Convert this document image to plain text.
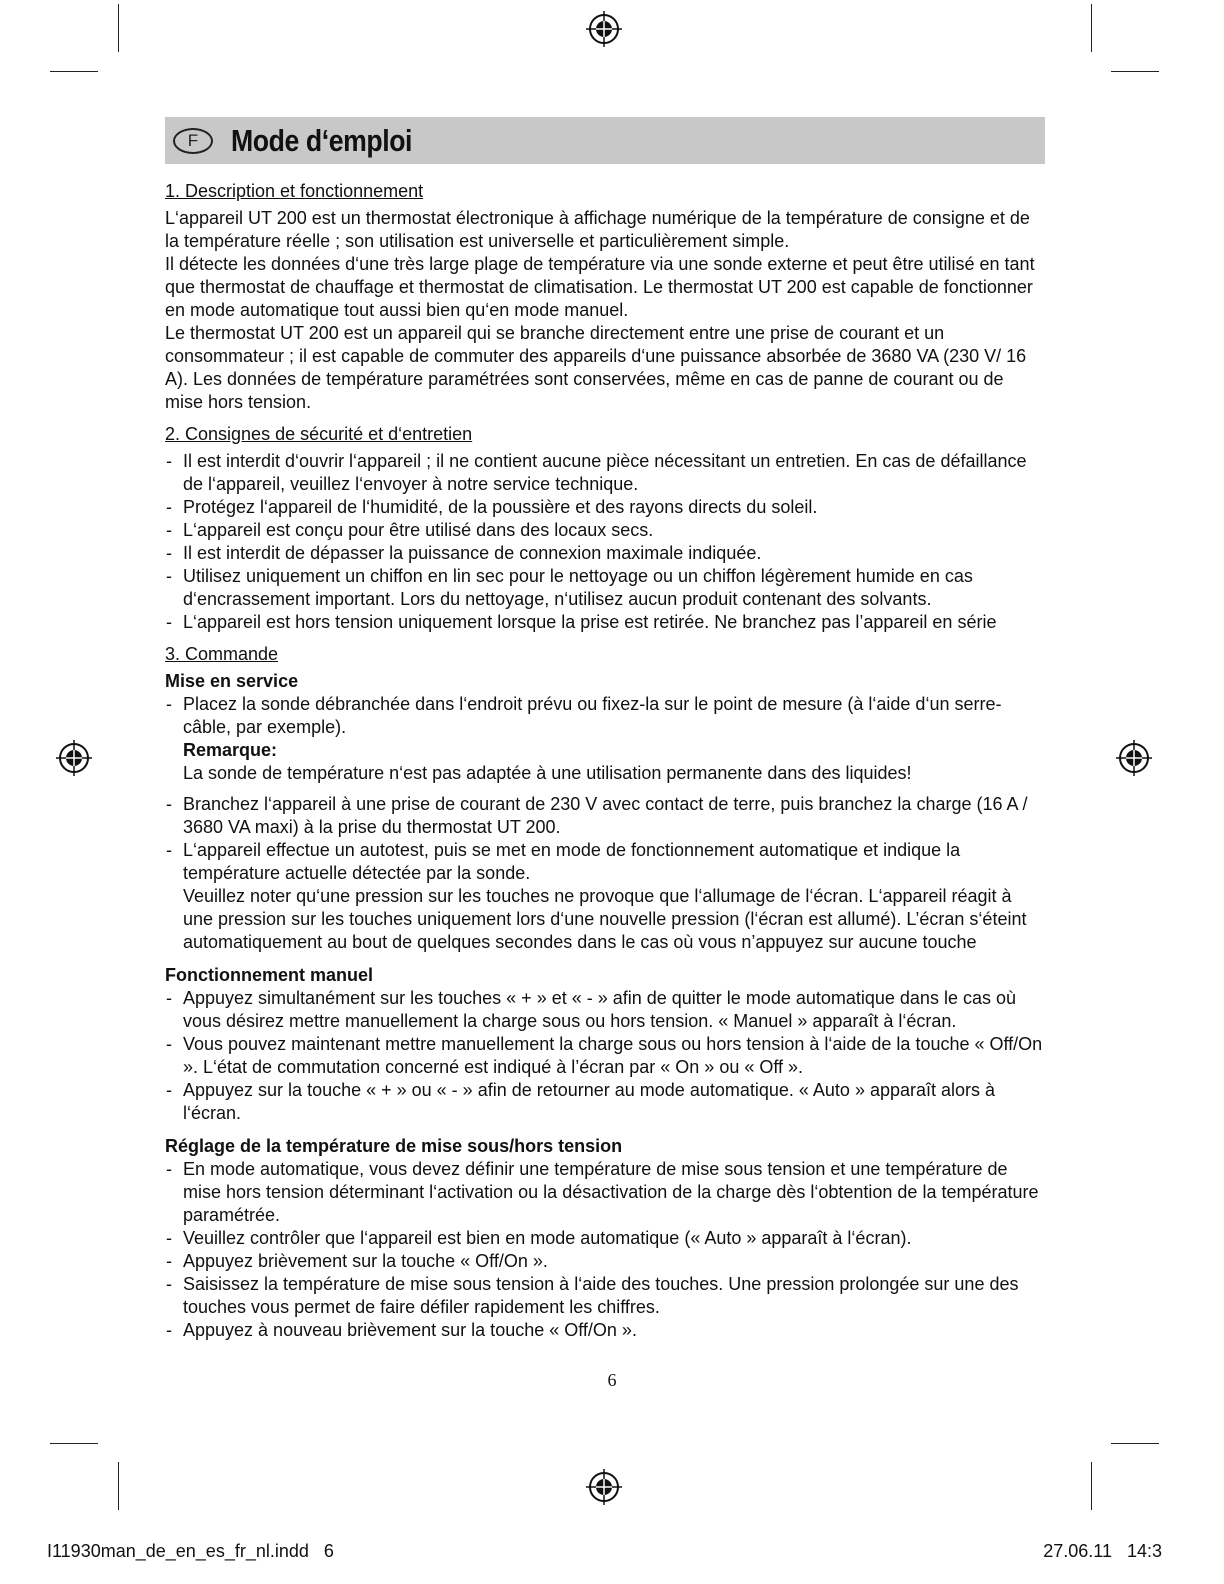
F	Mode d‘emploi
1. Description et fonctionnement

L‘appareil UT 200 est un thermostat électronique à affichage numérique de la température de consigne et de la température réelle ; son utilisation est universelle et particulièrement simple.

Il détecte les données d‘une très large plage de température via une sonde externe et peut être utilisé en tant que thermostat de chauffage et thermostat de climatisation. Le thermostat UT 200 est capable de fonctionner en mode automatique tout aussi bien qu‘en mode manuel.

Le thermostat UT 200 est un appareil qui se branche directement entre une prise de courant et un consommateur ; il est capable de commuter des appareils d‘une puissance absorbée de 3680 VA (230 V/ 16 A). Les données de température paramétrées sont conservées, même en cas de panne de courant ou de mise hors tension.

2. Consignes de sécurité et d‘entretien
- Il est interdit d‘ouvrir l‘appareil ; il ne contient aucune pièce nécessitant un entretien. En cas de défaillance de l‘appareil, veuillez l‘envoyer à notre service technique.
- Protégez l‘appareil de l‘humidité, de la poussière et des rayons directs du soleil.
- L‘appareil est conçu pour être utilisé dans des locaux secs.
- Il est interdit de dépasser la puissance de connexion maximale indiquée.
- Utilisez uniquement un chiffon en lin sec pour le nettoyage ou un chiffon légèrement humide en cas d‘encrassement important. Lors du nettoyage, n‘utilisez aucun produit contenant des solvants.
- L‘appareil est hors tension uniquement lorsque la prise est retirée. Ne branchez pas l’appareil en série
3. Commande
Mise en service
- Placez la sonde débranchée dans l‘endroit prévu ou fixez-la sur le point de mesure (à l‘aide d‘un serre-câble, par exemple).
Remarque:
La sonde de température n‘est pas adaptée à une utilisation permanente dans des liquides!
- Branchez l‘appareil à une prise de courant de 230 V avec contact de terre, puis branchez la charge (16 A / 3680 VA maxi) à la prise du thermostat UT 200.
- L‘appareil effectue un autotest, puis se met en mode de fonctionnement automatique et indique la température actuelle détectée par la sonde.
Veuillez noter qu‘une pression sur les touches ne provoque que l‘allumage de l‘écran. L‘appareil réagit à une pression sur les touches uniquement lors d‘une nouvelle pression (l‘écran est allumé). L’écran s‘éteint automatiquement au bout de quelques secondes dans le cas où vous n’appuyez sur aucune touche
Fonctionnement manuel
- Appuyez simultanément sur les touches « + » et « - » afin de quitter le mode automatique dans le cas où vous désirez mettre manuellement la charge sous ou hors tension. « Manuel » apparaît à l‘écran.
- Vous pouvez maintenant mettre manuellement la charge sous ou hors tension à l‘aide de la touche « Off/On ». L‘état de commutation concerné est indiqué à l’écran par « On » ou « Off ».
- Appuyez sur la touche « + » ou « - » afin de retourner au mode automatique. « Auto » apparaît alors à l‘écran.
Réglage de la température de mise sous/hors tension
- En mode automatique, vous devez définir une température de mise sous tension et une température de mise hors tension déterminant l‘activation ou la désactivation de la charge dès l‘obtention de la température paramétrée.
- Veuillez contrôler que l‘appareil est bien en mode automatique (« Auto » apparaît à l‘écran).
- Appuyez brièvement sur la touche « Off/On ».
- Saisissez la température de mise sous tension à l‘aide des touches. Une pression prolongée sur une des touches vous permet de faire défiler rapidement les chiffres.
- Appuyez à nouveau brièvement sur la touche « Off/On ».
6
I11930man_de_en_es_fr_nl.indd   6	27.06.11   14:3
